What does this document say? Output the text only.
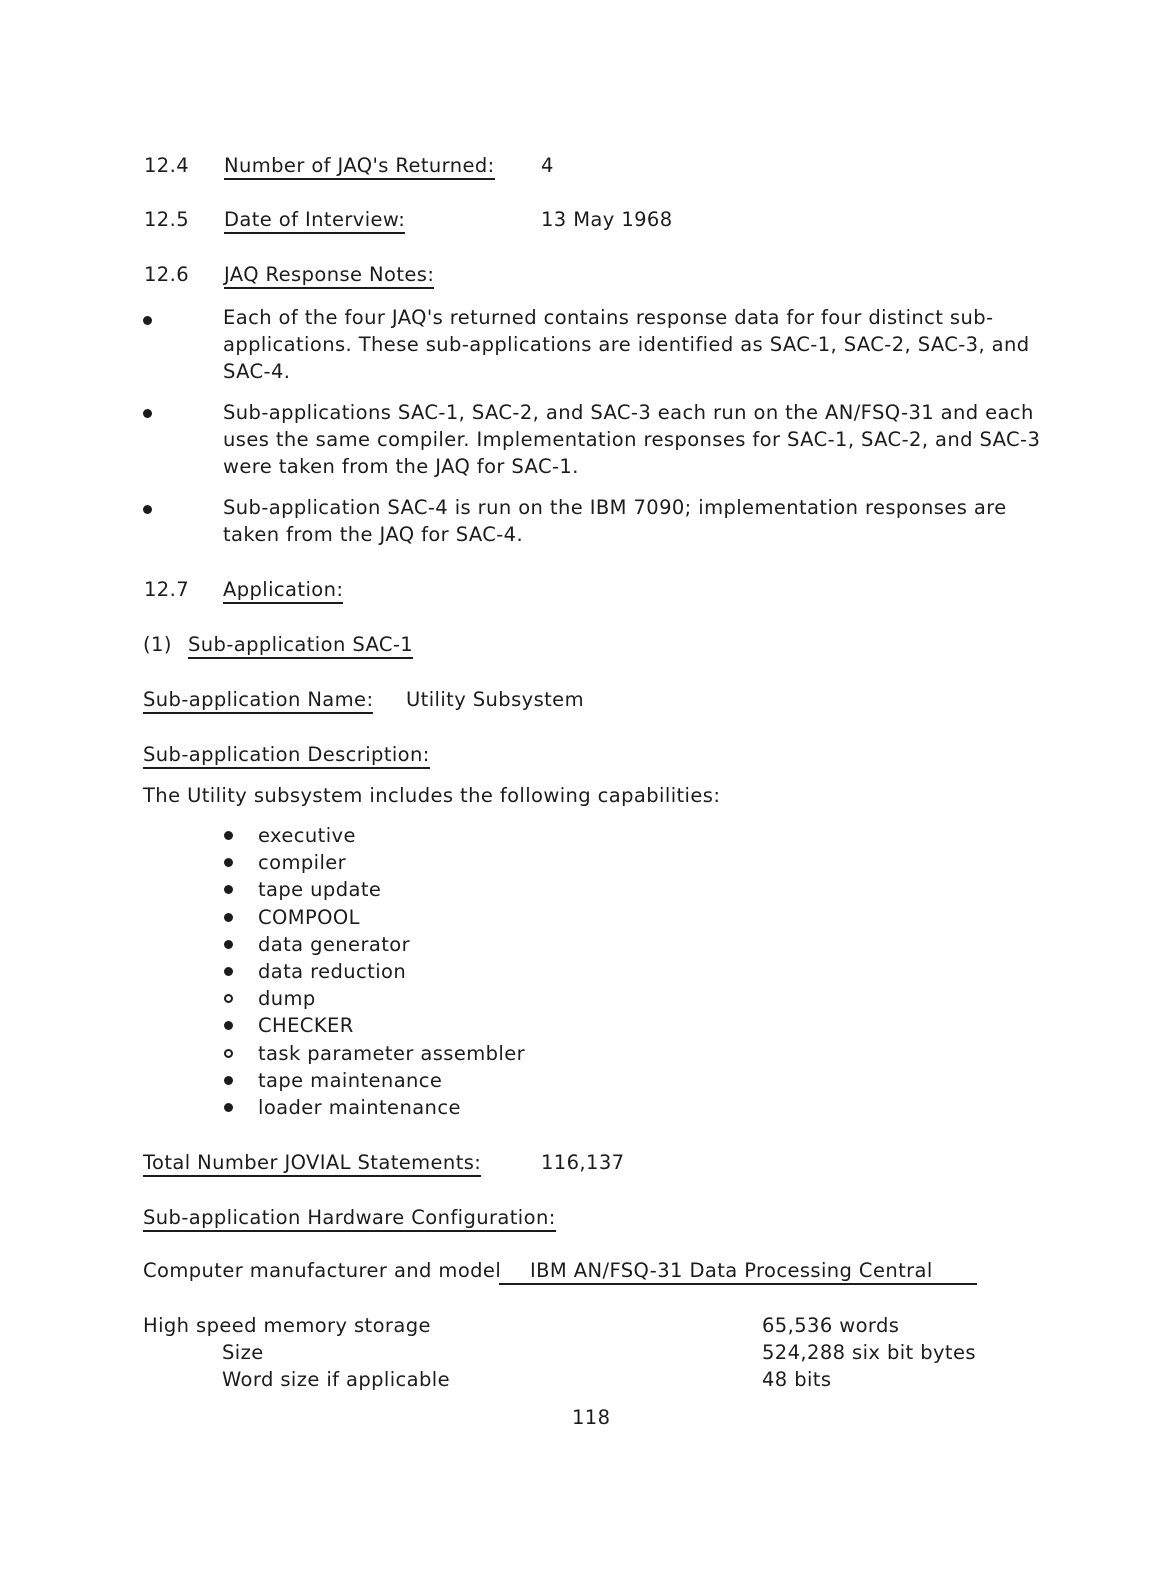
12.4 Number of JAQ's Returned: 4
12.5 Date of Interview:	13 May 1968
12.6 JAQ Response Notes:
Each of the four JAQ's returned contains response data for four distinct sub-applications. These sub-applications are identified as SAC-1, SAC-2, SAC-3, and SAC-4.
Sub-applications SAC-1, SAC-2, and SAC-3 each run on the AN/FSQ-31 and each uses the same compiler. Implementation responses for SAC-1, SAC-2, and SAC-3 were taken from the JAQ for SAC-1.
Sub-application SAC-4 is run on the IBM 7090; implementation responses are taken from the JAQ for SAC-4.
12.7 Application:
(1) Sub-application SAC-1
Sub-application Name: Utility Subsystem
Sub-application Description:
The Utility subsystem includes the following capabilities:
executive
compiler
tape update
COMPOOL
data generator
data reduction
dump
CHECKER
task parameter assembler
tape maintenance
loader maintenance
Total Number JOVIAL Statements:	116,137
Sub-application Hardware Configuration:
Computer manufacturer and model	IBM AN/FSQ-31 Data Processing Central
High speed memory storage	65,536 words
Size	524,288 six bit bytes
Word size if applicable	48 bits
118
